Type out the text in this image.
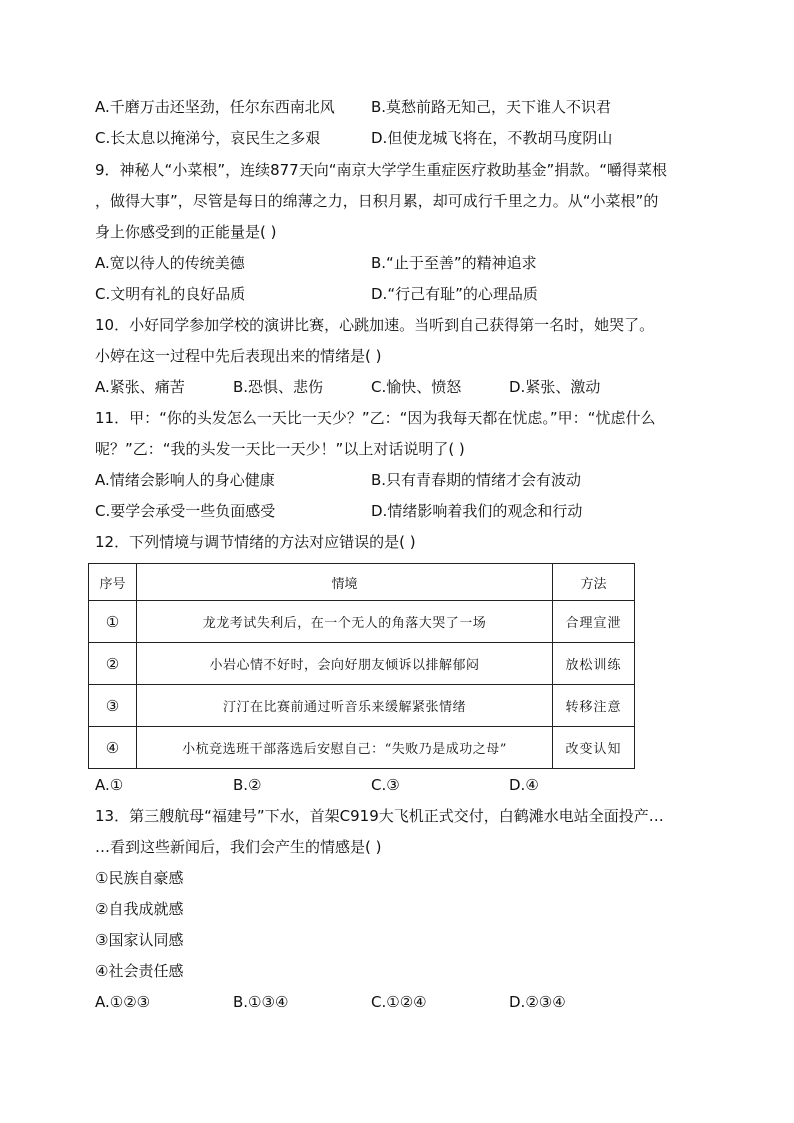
A.千磨万击还坚劲，任尔东西南北风 B.莫愁前路无知己，天下谁人不识君
C.长太息以掩涕兮，哀民生之多艰	D.但使龙城飞将在，不教胡马度阴山
9．神秘人“小菜根”，连续877天向“南京大学学生重症医疗救助基金”捐款。“嚼得菜根
，做得大事”，尽管是每日的绵薄之力，日积月累，却可成行千里之力。从“小菜根”的
身上你感受到的正能量是( )
A.宽以待人的传统美德	B.“止于至善”的精神追求
C.文明有礼的良好品质	D.“行己有耻”的心理品质
10．小好同学参加学校的演讲比赛，心跳加速。当听到自己获得第一名时，她哭了。
小婷在这一过程中先后表现出来的情绪是( )
A.紧张、痛苦	B.恐惧、悲伤	C.愉快、愤怒	D.紧张、激动
11．甲：“你的头发怎么一天比一天少？”乙：“因为我每天都在忧虑。”甲：“忧虑什么
呢？”乙：“我的头发一天比一天少！”以上对话说明了( )
A.情绪会影响人的身心健康	B.只有青春期的情绪才会有波动
C.要学会承受一些负面感受	D.情绪影响着我们的观念和行动
12．下列情境与调节情绪的方法对应错误的是( )
序号	情境	方法
①	龙龙考试失利后，在一个无人的角落大哭了一场	合理宣泄
②	小岩心情不好时，会向好朋友倾诉以排解郁闷	放松训练
③	汀汀在比赛前通过听音乐来缓解紧张情绪	转移注意
④	小杭竞选班干部落选后安慰自己：“失败乃是成功之母”	改变认知
A.①	B.②	C.③	D.④
13．第三艘航母“福建号”下水，首架C919大飞机正式交付，白鹤滩水电站全面投产…
…看到这些新闻后，我们会产生的情感是( )
①民族自豪感
②自我成就感
③国家认同感
④社会责任感
A.①②③	B.①③④	C.①②④	D.②③④
